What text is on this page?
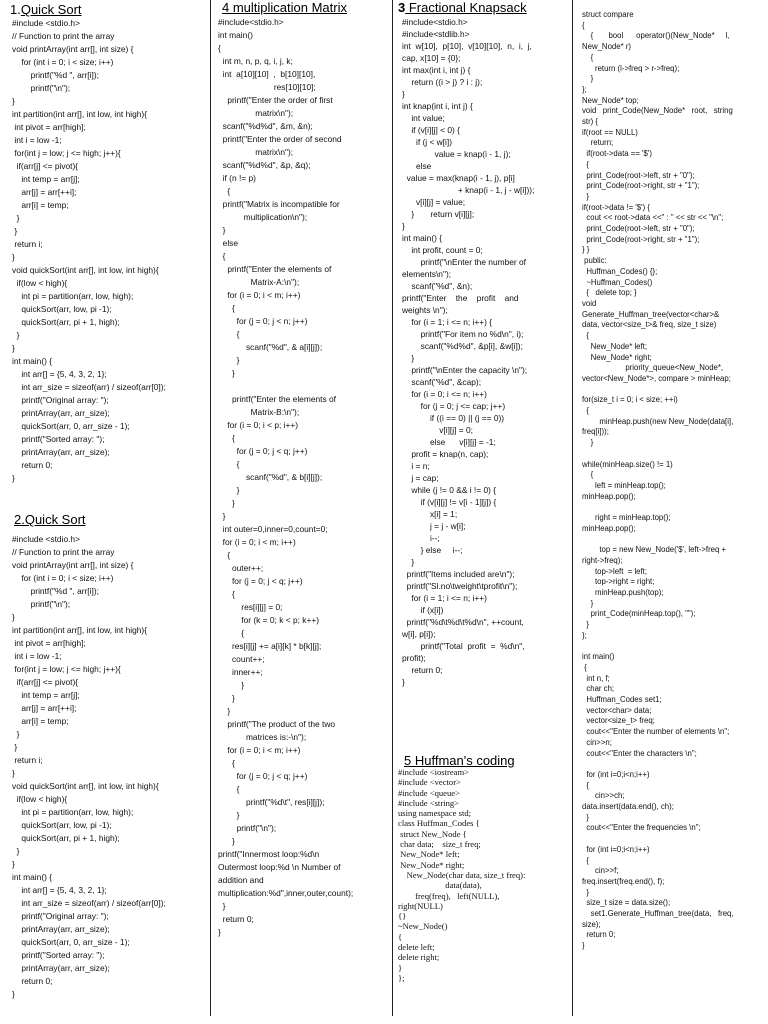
1.Quick Sort
#include <stdio.h>
// Function to print the array
void printArray(int arr[], int size) {
for (int i = 0; i < size; i++)
printf("%d ", arr[i]);
printf("\n");
}
int partition(int arr[], int low, int high){
int pivot = arr[high];
int i = low -1;
for(int j = low; j <= high; j++){
if(arr[j] <= pivot){
int temp = arr[j];
arr[j] = arr[++i];
arr[i] = temp;
}
}
return i;
}
void quickSort(int arr[], int low, int high){
if(low < high){
int pi = partition(arr, low, high);
quickSort(arr, low, pi -1);
quickSort(arr, pi + 1, high);
}
}
int main() {
int arr[] = {5, 4, 3, 2, 1};
int arr_size = sizeof(arr) / sizeof(arr[0]);
printf("Original array: ");
printArray(arr, arr_size);
quickSort(arr, 0, arr_size - 1);
printf("Sorted array: ");
printArray(arr, arr_size);
return 0;
}
2.Quick Sort
#include <stdio.h>
// Function to print the array
void printArray(int arr[], int size) {
for (int i = 0; i < size; i++)
printf("%d ", arr[i]);
printf("\n");
}
int partition(int arr[], int low, int high){
int pivot = arr[high];
int i = low -1;
for(int j = low; j <= high; j++){
if(arr[j] <= pivot){
int temp = arr[j];
arr[j] = arr[++i];
arr[i] = temp;
}
}
return i;
}
void quickSort(int arr[], int low, int high){
if(low < high){
int pi = partition(arr, low, high);
quickSort(arr, low, pi -1);
quickSort(arr, pi + 1, high);
}
}
int main() {
int arr[] = {5, 4, 3, 2, 1};
int arr_size = sizeof(arr) / sizeof(arr[0]);
printf("Original array: ");
printArray(arr, arr_size);
quickSort(arr, 0, arr_size - 1);
printf("Sorted array: ");
printArray(arr, arr_size);
return 0;
}
4 multiplication Matrix
#include<stdio.h>
int main()
{
int m, n, p, q, i, j, k;
int  a[10][10]  ,  b[10][10],
res[10][10];
printf("Enter the order of first
matrix\n");
scanf("%d%d", &m, &n);
printf("Enter the order of second
matrix\n");
scanf("%d%d", &p, &q);
if (n != p)
{
printf("Matrix is incompatible for
multiplication\n");
}
else
{
printf("Enter the elements of
Matrix-A:\n");
for (i = 0; i < m; i++)
{
for (j = 0; j < n; j++)
{
scanf("%d", & a[i][j]);
}
}

printf("Enter the elements of
Matrix-B:\n");
for (i = 0; i < p; i++)
{
for (j = 0; j < q; j++)
{
scanf("%d", & b[i][j]);
}
}
}
int outer=0,inner=0,count=0;
for (i = 0; i < m; i++)
{
outer++;
for (j = 0; j < q; j++)
{
res[i][j] = 0;
for (k = 0; k < p; k++)
{
res[i][j] += a[i][k] * b[k][j];
count++;
inner++;
}
}
}
printf("The product of the two
matrices is:-\n");
for (i = 0; i < m; i++)
{
for (j = 0; j < q; j++)
{
printf("%d\t", res[i][j]);
}
printf("\n");
}
printf("Innermost loop:%d\n
Outermost loop:%d \n Number of
addition and
multiplication:%d",inner,outer,count);
}
return 0;
}
3 Fractional Knapsack
#include<stdio.h>
#include<stdlib.h>
int  w[10],  p[10],  v[10][10],  n,  i,  j,
cap, x[10] = {0};
int max(int i, int j) {
return ((i > j) ? i : j);
}
int knap(int i, int j) {
int value;
if (v[i][j] < 0) {
if (j < w[i])
value = knap(i - 1, j);
else
value = max(knap(i - 1, j), p[i]
+ knap(i - 1, j - w[i]));
v[i][j] = value;
}       return v[i][j];
}
int main() {
int profit, count = 0;
printf("\nEnter the number of
elements\n");
scanf("%d", &n);
printf("Enter    the    profit    and
weights \n");
for (i = 1; i <= n; i++) {
printf("For item no %d\n", i);
scanf("%d%d", &p[i], &w[i]);
}
printf("\nEnter the capacity \n");
scanf("%d", &cap);
for (i = 0; i <= n; i++)
for (j = 0; j <= cap; j++)
if ((i == 0) || (j == 0))
v[i][j] = 0;
else      v[i][j] = -1;
profit = knap(n, cap);
i = n;
j = cap;
while (j != 0 && i != 0) {
if (v[i][j] != v[i - 1][j]) {
x[i] = 1;
j = j - w[i];
i--;
} else     i--;
}
printf("Items included are\n");
printf("Sl.no\tweight\tprofit\n");
for (i = 1; i <= n; i++)
if (x[i])
printf("%d\t%d\t%d\n", ++count,
w[i], p[i]);
printf("Total  profit  =  %d\n",
profit);
return 0;
}
5 Huffman's coding
#include <iostream>
#include <vector>
#include <queue>
#include <string>
using namespace std;
class Huffman_Codes {
struct New_Node {
char data;    size_t freq;
New_Node* left;
New_Node* right;
New_Node(char data, size_t freq):
data(data),
freq(freq),   left(NULL),
right(NULL)
{}
~New_Node()
{
delete left;
delete right;
}
};
struct compare
{
{       bool      operator()(New_Node*     l,
New_Node* r)
{
return (l->freq > r->freq);
}
};
New_Node* top;
void   print_Code(New_Node*   root,   string
str) {
if(root == NULL)
return;
if(root->data == '$')
{
print_Code(root->left, str + "0");
print_Code(root->right, str + "1");
}
if(root->data != '$') {
cout << root->data <<" : " << str << "\n";
print_Code(root->left, str + "0");
print_Code(root->right, str + "1");
} }
public:
Huffman_Codes() {};
~Huffman_Codes()
{   delete top; }
void
Generate_Huffman_tree(vector<char>&
data, vector<size_t>& freq, size_t size)
{
New_Node* left;
New_Node* right;
priority_queue<New_Node*,
vector<New_Node*>, compare > minHeap;

for(size_t i = 0; i < size; ++i)
{
minHeap.push(new New_Node(data[i],
freq[i]));
}

while(minHeap.size() != 1)
{
left = minHeap.top();
minHeap.pop();

right = minHeap.top();
minHeap.pop();

top = new New_Node('$', left->freq +
right->freq);
top->left  = left;
top->right = right;
minHeap.push(top);
}
print_Code(minHeap.top(), "");
}
};

int main()
{
int n, f;
char ch;
Huffman_Codes set1;
vector<char> data;
vector<size_t> freq;
cout<<"Enter the number of elements \n";
cin>>n;
cout<<"Enter the characters \n";

for (int i=0;i<n;i++)
{
cin>>ch;
data.insert(data.end(), ch);
}
cout<<"Enter the frequencies \n";

for (int i=0;i<n;i++)
{
cin>>f;
freq.insert(freq.end(), f);
}
size_t size = data.size();
set1.Generate_Huffman_tree(data,   freq,
size);
return 0;
}
